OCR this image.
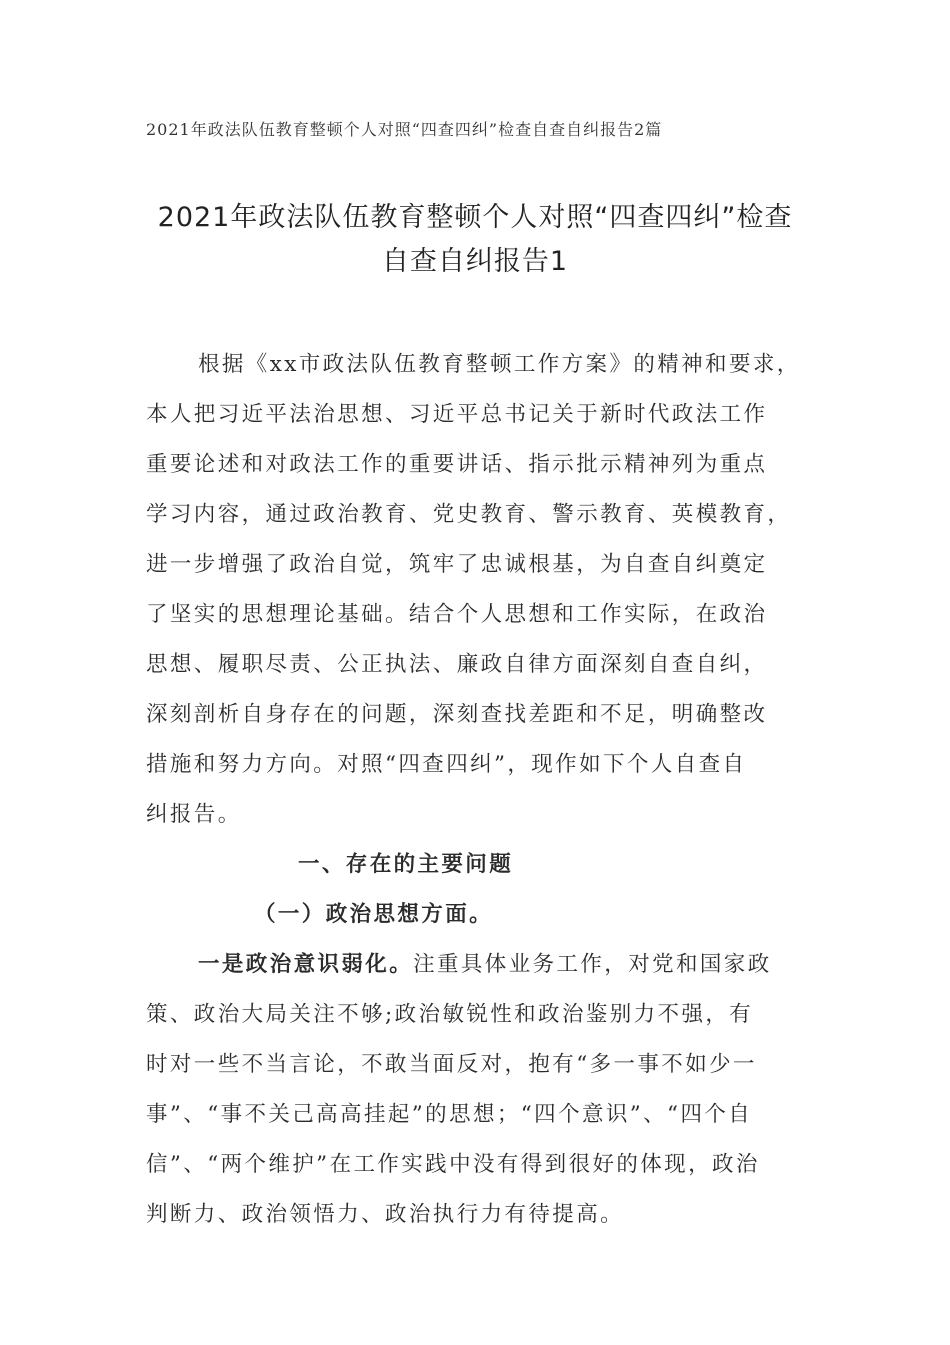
2021年政法队伍教育整顿个人对照“四查四纠”检查自查自纠报告2篇
2021年政法队伍教育整顿个人对照“四查四纠”检查
自查自纠报告1
根据《xx市政法队伍教育整顿工作方案》的精神和要求，
本人把习近平法治思想、习近平总书记关于新时代政法工作
重要论述和对政法工作的重要讲话、指示批示精神列为重点
学习内容，通过政治教育、党史教育、警示教育、英模教育，
进一步增强了政治自觉，筑牢了忠诚根基，为自查自纠奠定
了坚实的思想理论基础。结合个人思想和工作实际，在政治
思想、履职尽责、公正执法、廉政自律方面深刻自查自纠，
深刻剖析自身存在的问题，深刻查找差距和不足，明确整改
措施和努力方向。对照“四查四纠”，现作如下个人自查自
纠报告。
一、存在的主要问题
（一）政治思想方面。
一是政治意识弱化。注重具体业务工作，对党和国家政
策、政治大局关注不够;政治敏锐性和政治鉴别力不强，有
时对一些不当言论，不敢当面反对，抱有“多一事不如少一
事”、“事不关己高高挂起”的思想；“四个意识”、“四个自
信”、“两个维护”在工作实践中没有得到很好的体现，政治
判断力、政治领悟力、政治执行力有待提高。
